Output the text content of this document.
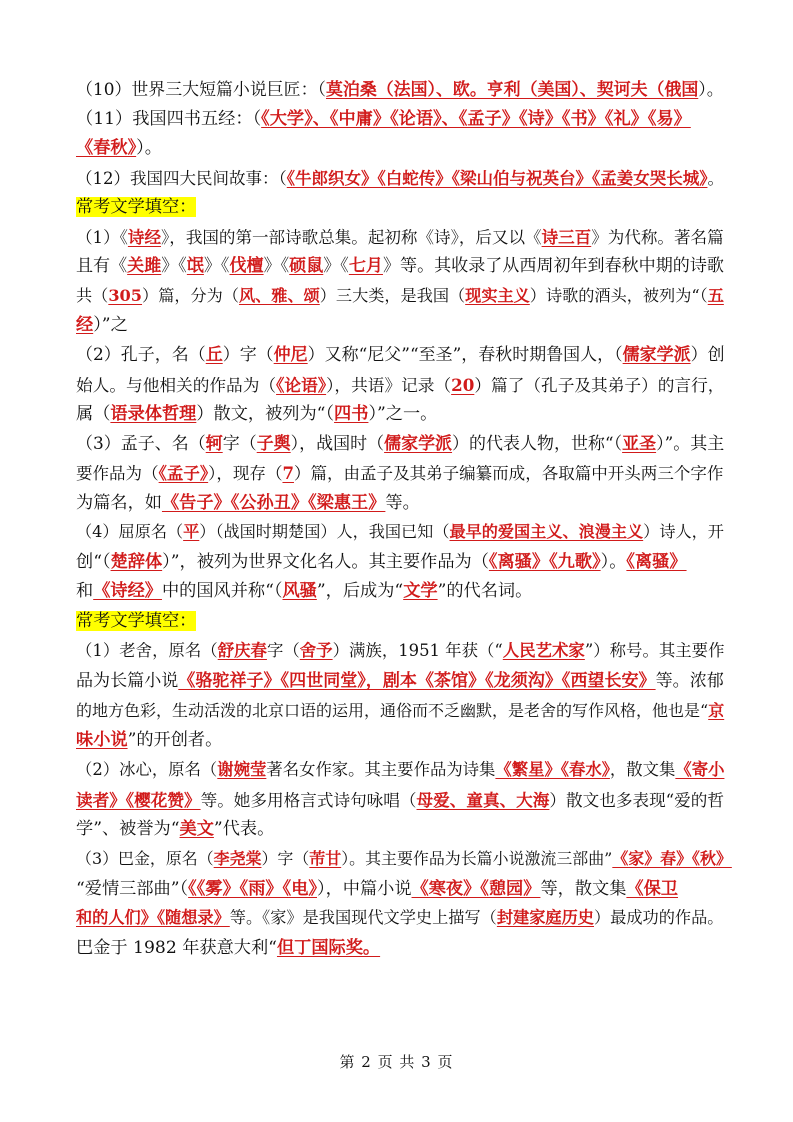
（10）世界三大短篇小说巨匠：（莫泊桑（法国）、欧。亨利（美国）、契诃夫（俄国）。
（11）我国四书五经：（《大学》、《中庸》《论语》、《孟子》《诗》《书》《礼》《易》
《春秋》）。
（12）我国四大民间故事：（《牛郎织女》《白蛇传》《梁山伯与祝英台》《孟姜女哭长城》。
常考文学填空：
（1）《诗经》，我国的第一部诗歌总集。起初称《诗》，后又以《诗三百》为代称。著名篇
且有《关雎》《氓》《伐檀》《硕鼠》《七月》等。其收录了从西周初年到春秋中期的诗歌
共（305）篇，分为（风、雅、颂）三大类，是我国（现实主义）诗歌的酒头，被列为“（五
经）”之
（2）孔子，名（丘）字（仲尼）又称“尼父”“至圣”，春秋时期鲁国人，（儒家学派）创
始人。与他相关的作品为（《论语》），共语》记录（20）篇了（孔子及其弟子）的言行，
属（语录体哲理）散文，被列为“（四书）”之一。
（3）孟子、名（轲字（子舆），战国时（儒家学派）的代表人物，世称“（亚圣）”。其主
要作品为（《孟子》），现存（7）篇，由孟子及其弟子编纂而成，各取篇中开头两三个字作
为篇名，如《告子》《公孙丑》《梁惠王》等。
（4）屈原名（平）（战国时期楚国）人，我国已知（最早的爱国主义、浪漫主义）诗人，开
创“（楚辞体）”，被列为世界文化名人。其主要作品为（《离骚》《九歌》）。《离骚》
和《诗经》中的国风并称“（风骚”，后成为“文学”的代名词。
常考文学填空：
（1）老舍，原名（舒庆春字（舍予）满族，1951 年获（“人民艺术家”）称号。其主要作
品为长篇小说《骆驼祥子》《四世同堂》，剧本《茶馆》《龙须沟》《西望长安》等。浓郁
的地方色彩，生动活泼的北京口语的运用，通俗而不乏幽默，是老舍的写作风格，他也是“京
味小说”的开创者。
（2）冰心，原名（谢婉莹著名女作家。其主要作品为诗集《繁星》《春水》，散文集《寄小
读者》《樱花赞》等。她多用格言式诗句咏唱（母爱、童真、大海）散文也多表现“爱的哲
学”、被誉为“美文”代表。
（3）巴金，原名（李尧棠）字（芾甘）。其主要作品为长篇小说激流三部曲”《家》春》《秋》
“爱情三部曲”（《《雾》《雨》《电》），中篇小说《寒夜》《憩园》等，散文集《保卫
和的人们》《随想录》等。《家》是我国现代文学史上描写（封建家庭历史）最成功的作品。
巴金于 1982 年获意大利“但丁国际奖。
第 2 页 共 3 页
